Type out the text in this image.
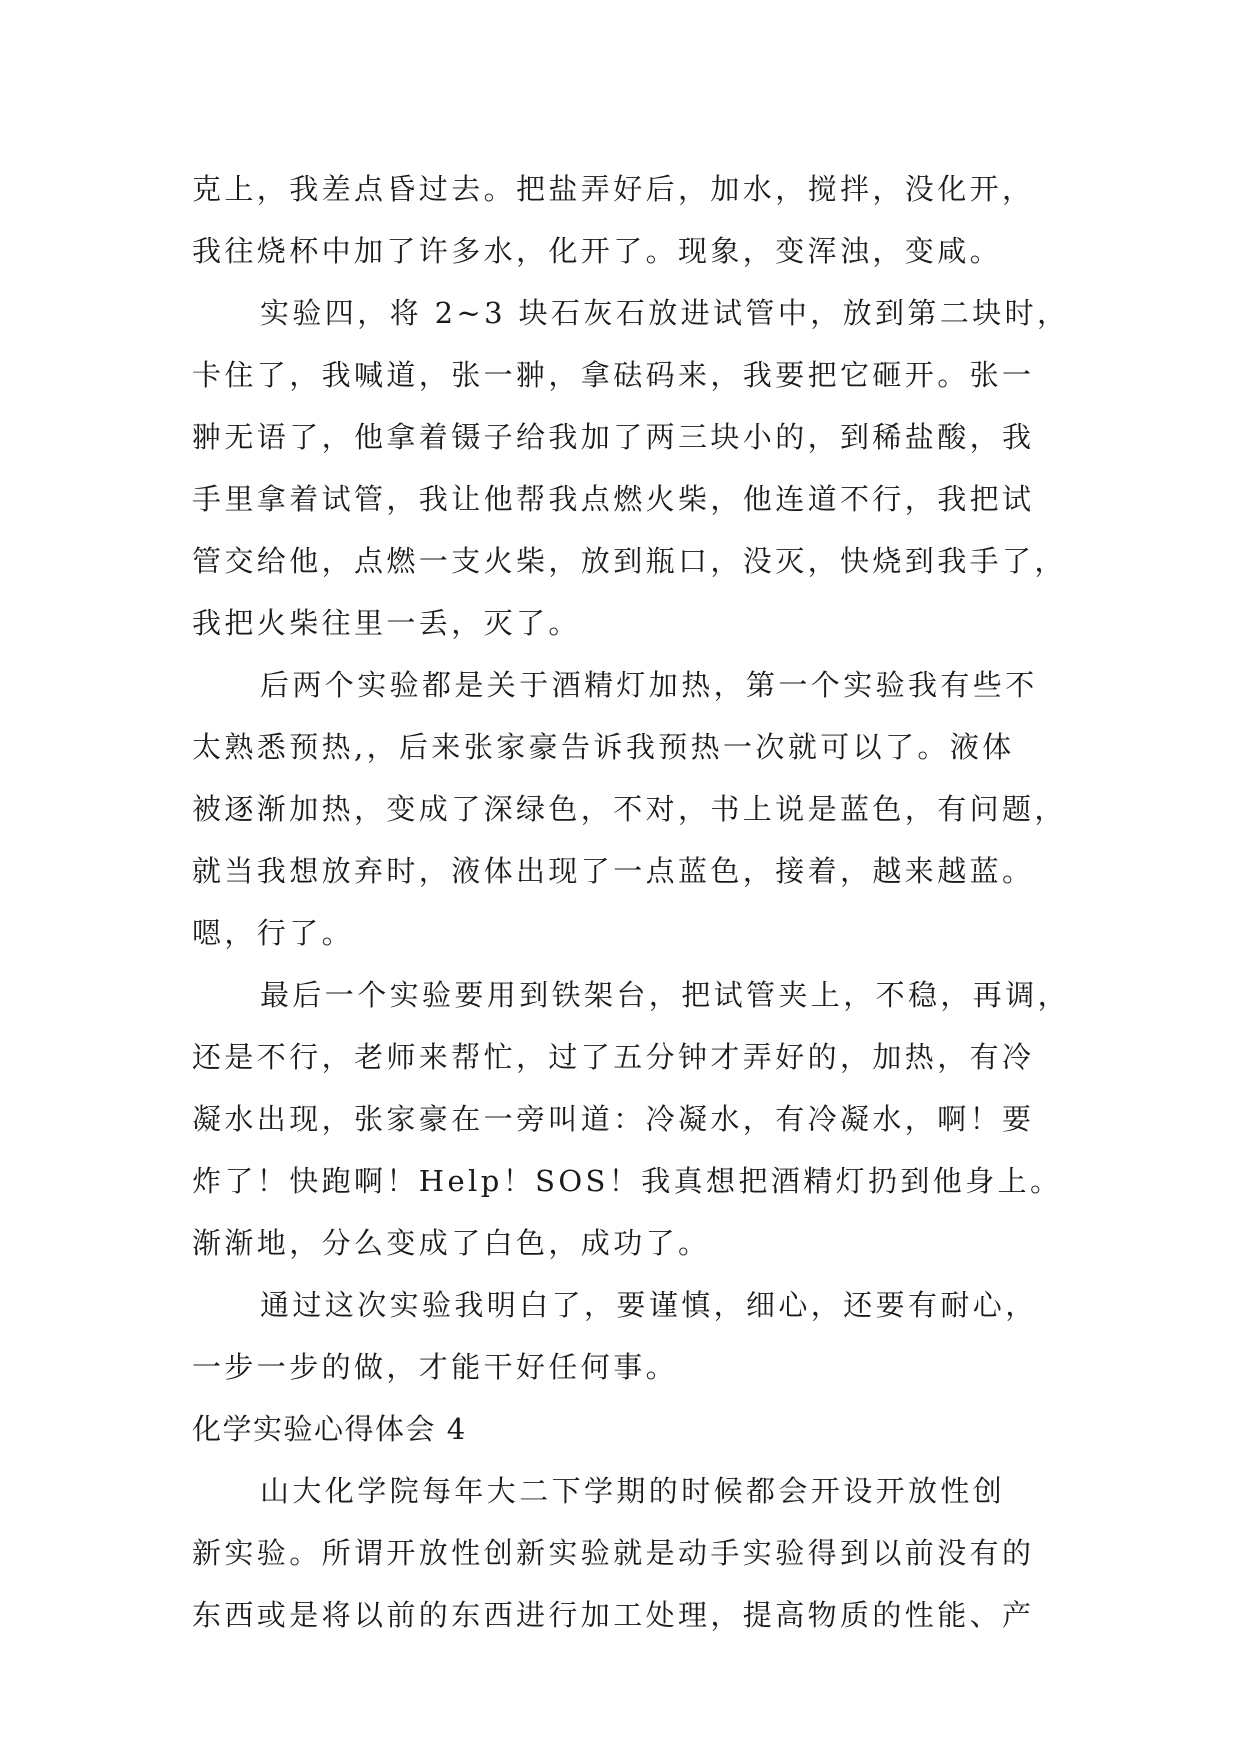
克上，我差点昏过去。把盐弄好后，加水，搅拌，没化开，
我往烧杯中加了许多水，化开了。现象，变浑浊，变咸。
实验四，将 2~3 块石灰石放进试管中，放到第二块时，
卡住了，我喊道，张一翀，拿砝码来，我要把它砸开。张一
翀无语了，他拿着镊子给我加了两三块小的，到稀盐酸，我
手里拿着试管，我让他帮我点燃火柴，他连道不行，我把试
管交给他，点燃一支火柴，放到瓶口，没灭，快烧到我手了，
我把火柴往里一丢，灭了。
后两个实验都是关于酒精灯加热，第一个实验我有些不
太熟悉预热,，后来张家豪告诉我预热一次就可以了。液体
被逐渐加热，变成了深绿色，不对，书上说是蓝色，有问题，
就当我想放弃时，液体出现了一点蓝色，接着，越来越蓝。
嗯，行了。
最后一个实验要用到铁架台，把试管夹上，不稳，再调，
还是不行，老师来帮忙，过了五分钟才弄好的，加热，有冷
凝水出现，张家豪在一旁叫道：冷凝水，有冷凝水，啊！要
炸了！快跑啊！Help！SOS！我真想把酒精灯扔到他身上。
渐渐地，分么变成了白色，成功了。
通过这次实验我明白了，要谨慎，细心，还要有耐心，
一步一步的做，才能干好任何事。
化学实验心得体会 4
山大化学院每年大二下学期的时候都会开设开放性创
新实验。所谓开放性创新实验就是动手实验得到以前没有的
东西或是将以前的东西进行加工处理，提高物质的性能、产
